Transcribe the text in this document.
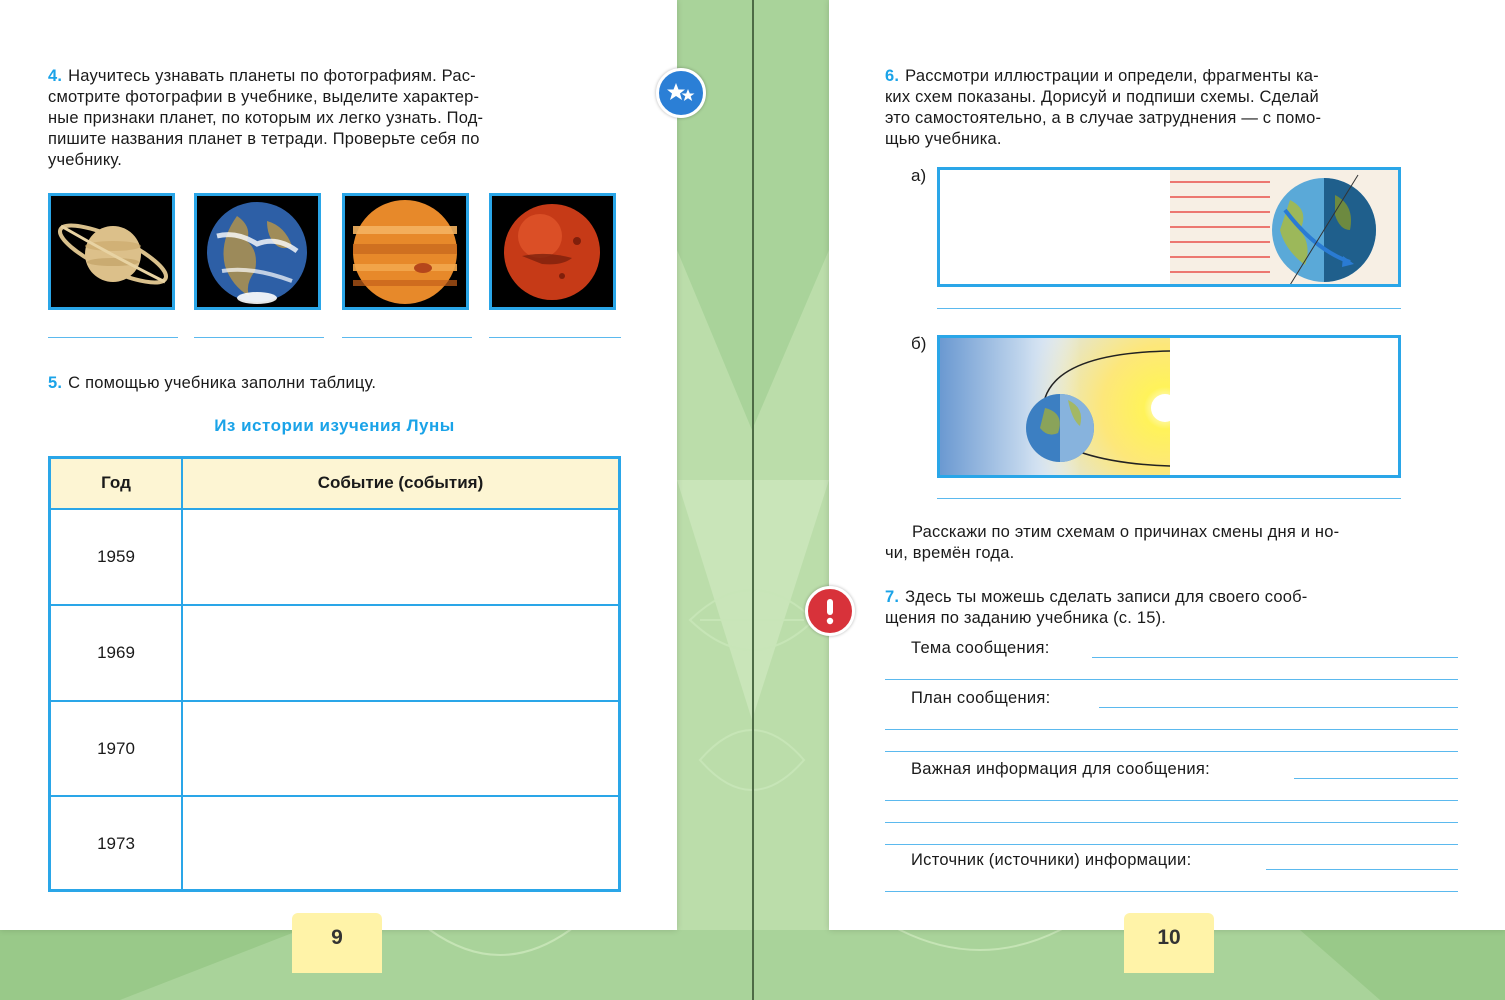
4. Научитесь узнавать планеты по фотографиям. Рас-
смотрите фотографии в учебнике, выделите характер-
ные признаки планет, по которым их легко узнать. Под-
пишите названия планет в тетради. Проверьте себя по
учебнику.
5. С помощью учебника заполни таблицу.
Из истории изучения Луны
Год	Событие (события)
1959
1969
1970
1973
9
6. Рассмотри иллюстрации и определи, фрагменты ка-
ких схем показаны. Дорисуй и подпиши схемы. Сделай
это самостоятельно, а в случае затруднения — с помо-
щью учебника.
а)
б)
Расскажи по этим схемам о причинах смены дня и но-
чи, времён года.
7. Здесь ты можешь сделать записи для своего сооб-
щения по заданию учебника (с. 15).
Тема сообщения:
План сообщения:
Важная информация для сообщения:
Источник (источники) информации:
10
